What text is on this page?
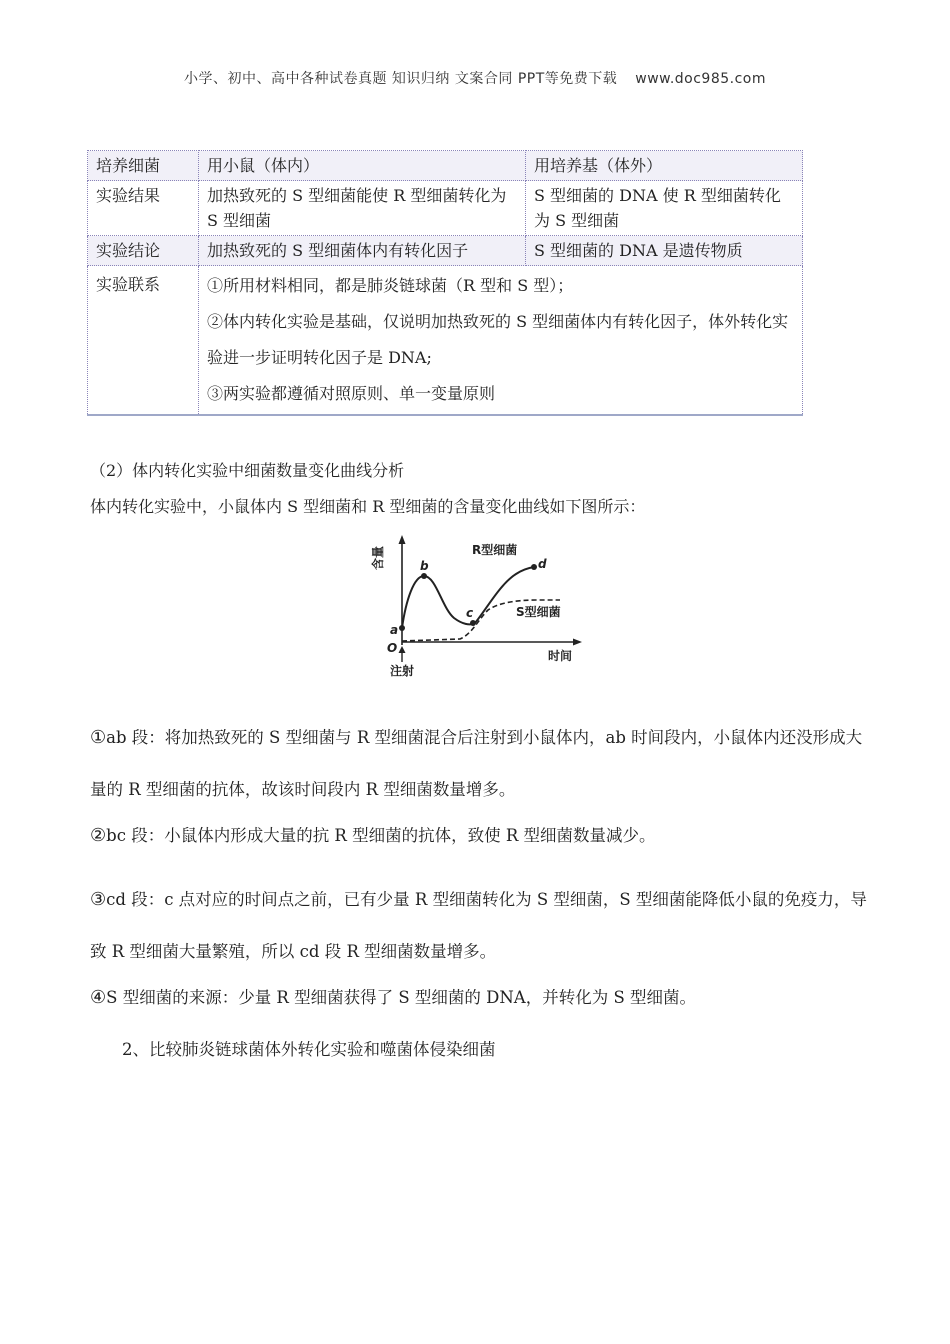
小学、初中、高中各种试卷真题 知识归纳 文案合同 PPT等免费下载 www.doc985.com
培养细菌	用小鼠（体内）	用培养基（体外）
实验结果	加热致死的 S 型细菌能使 R 型细菌转化为 S 型细菌	S 型细菌的 DNA 使 R 型细菌转化为 S 型细菌
实验结论	加热致死的 S 型细菌体内有转化因子	S 型细菌的 DNA 是遗传物质
实验联系	①所用材料相同，都是肺炎链球菌（R 型和 S 型）；

②体内转化实验是基础，仅说明加热致死的 S 型细菌体内有转化因子，体外转化实验进一步证明转化因子是 DNA;

③两实验都遵循对照原则、单一变量原则	

（2）体内转化实验中细菌数量变化曲线分析
体内转化实验中，小鼠体内 S 型细菌和 R 型细菌的含量变化曲线如下图所示：
含量
时间
O
注射
a
b
c
d
R型细菌
S型细菌
①ab 段：将加热致死的 S 型细菌与 R 型细菌混合后注射到小鼠体内，ab 时间段内，小鼠体内还没形成大量的 R 型细菌的抗体，故该时间段内 R 型细菌数量增多。
②bc 段：小鼠体内形成大量的抗 R 型细菌的抗体，致使 R 型细菌数量减少。
③cd 段：c 点对应的时间点之前，已有少量 R 型细菌转化为 S 型细菌，S 型细菌能降低小鼠的免疫力，导致 R 型细菌大量繁殖，所以 cd 段 R 型细菌数量增多。
④S 型细菌的来源：少量 R 型细菌获得了 S 型细菌的 DNA，并转化为 S 型细菌。
2、比较肺炎链球菌体外转化实验和噬菌体侵染细菌
